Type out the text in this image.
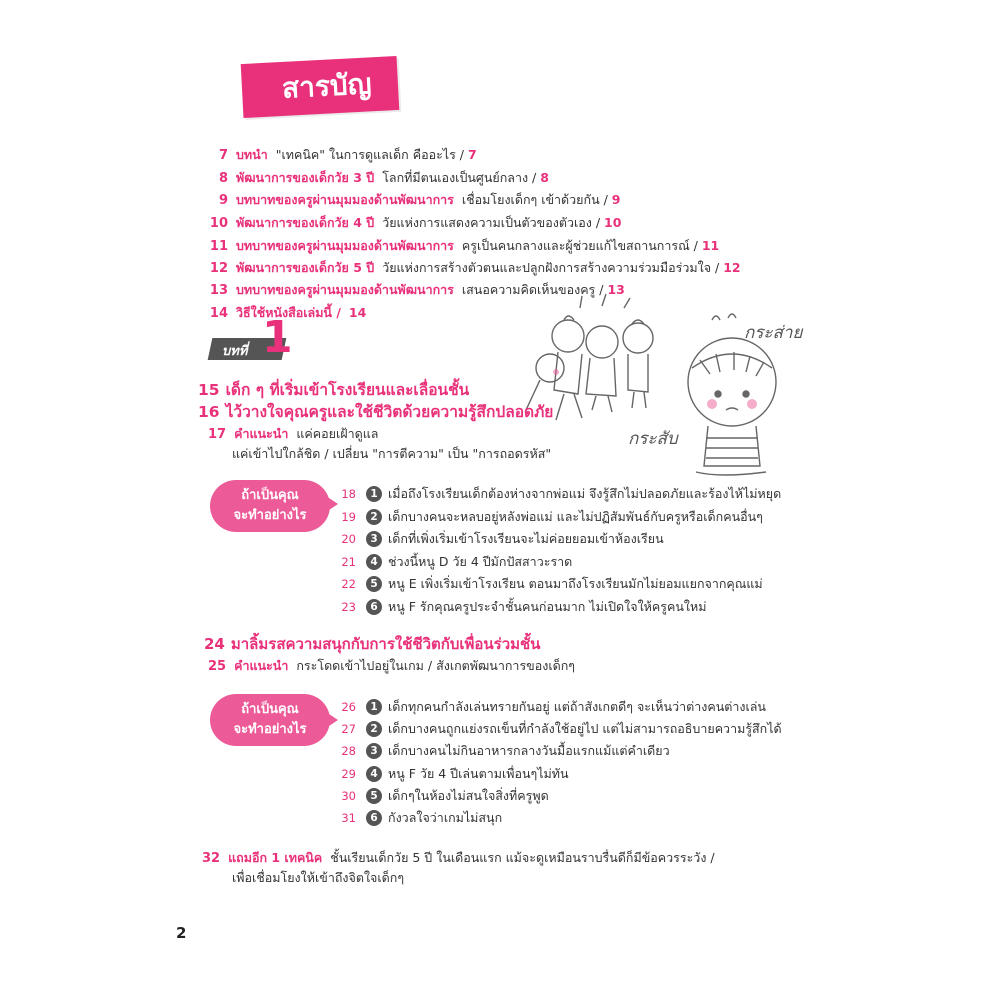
สารบัญ
7 บทนำ "เทคนิค" ในการดูแลเด็ก คืออะไร / 7
8 พัฒนาการของเด็กวัย 3 ปี โลกที่มีตนเองเป็นศูนย์กลาง / 8
9 บทบาทของครูผ่านมุมมองด้านพัฒนาการ เชื่อมโยงเด็กๆ เข้าด้วยกัน / 9
10 พัฒนาการของเด็กวัย 4 ปี วัยแห่งการแสดงความเป็นตัวของตัวเอง / 10
11 บทบาทของครูผ่านมุมมองด้านพัฒนาการ ครูเป็นคนกลางและผู้ช่วยแก้ไขสถานการณ์ / 11
12 พัฒนาการของเด็กวัย 5 ปี วัยแห่งการสร้างตัวตนและปลูกฝังการสร้างความร่วมมือร่วมใจ / 12
13 บทบาทของครูผ่านมุมมองด้านพัฒนาการ เสนอความคิดเห็นของครู / 13
14 วิธีใช้หนังสือเล่มนี้ / 14
บทที่ 1	กระส่าย
กระสับ
15 เด็ก ๆ ที่เริ่มเข้าโรงเรียนและเลื่อนชั้น
16 ไว้วางใจคุณครูและใช้ชีวิตด้วยความรู้สึกปลอดภัย
17 คำแนะนำ แค่คอยเฝ้าดูแล
แค่เข้าไปใกล้ชิด / เปลี่ยน "การตีความ" เป็น "การถอดรหัส"
ถ้าเป็นคุณ
จะทำอย่างไร
18 1 เมื่อถึงโรงเรียนเด็กต้องห่างจากพ่อแม่ จึงรู้สึกไม่ปลอดภัยและร้องไห้ไม่หยุด
19 2 เด็กบางคนจะหลบอยู่หลังพ่อแม่ และไม่ปฏิสัมพันธ์กับครูหรือเด็กคนอื่นๆ
20 3 เด็กที่เพิ่งเริ่มเข้าโรงเรียนจะไม่ค่อยยอมเข้าห้องเรียน
21 4 ช่วงนี้หนู D วัย 4 ปีมักปัสสาวะราด
22 5 หนู E เพิ่งเริ่มเข้าโรงเรียน ตอนมาถึงโรงเรียนมักไม่ยอมแยกจากคุณแม่
23 6 หนู F รักคุณครูประจำชั้นคนก่อนมาก ไม่เปิดใจให้ครูคนใหม่
24 มาลิ้มรสความสนุกกับการใช้ชีวิตกับเพื่อนร่วมชั้น
25 คำแนะนำ กระโดดเข้าไปอยู่ในเกม / สังเกตพัฒนาการของเด็กๆ
ถ้าเป็นคุณ
จะทำอย่างไร
26 1 เด็กทุกคนกำลังเล่นทรายกันอยู่ แต่ถ้าสังเกตดีๆ จะเห็นว่าต่างคนต่างเล่น
27 2 เด็กบางคนถูกแย่งรถเข็นที่กำลังใช้อยู่ไป แต่ไม่สามารถอธิบายความรู้สึกได้
28 3 เด็กบางคนไม่กินอาหารกลางวันมื้อแรกแม้แต่คำเดียว
29 4 หนู F วัย 4 ปีเล่นตามเพื่อนๆไม่ทัน
30 5 เด็กๆในห้องไม่สนใจสิ่งที่ครูพูด
31 6 กังวลใจว่าเกมไม่สนุก
32 แถมอีก 1 เทคนิค ชั้นเรียนเด็กวัย 5 ปี ในเดือนแรก แม้จะดูเหมือนราบรื่นดีก็มีข้อควรระวัง /
เพื่อเชื่อมโยงให้เข้าถึงจิตใจเด็กๆ
2
